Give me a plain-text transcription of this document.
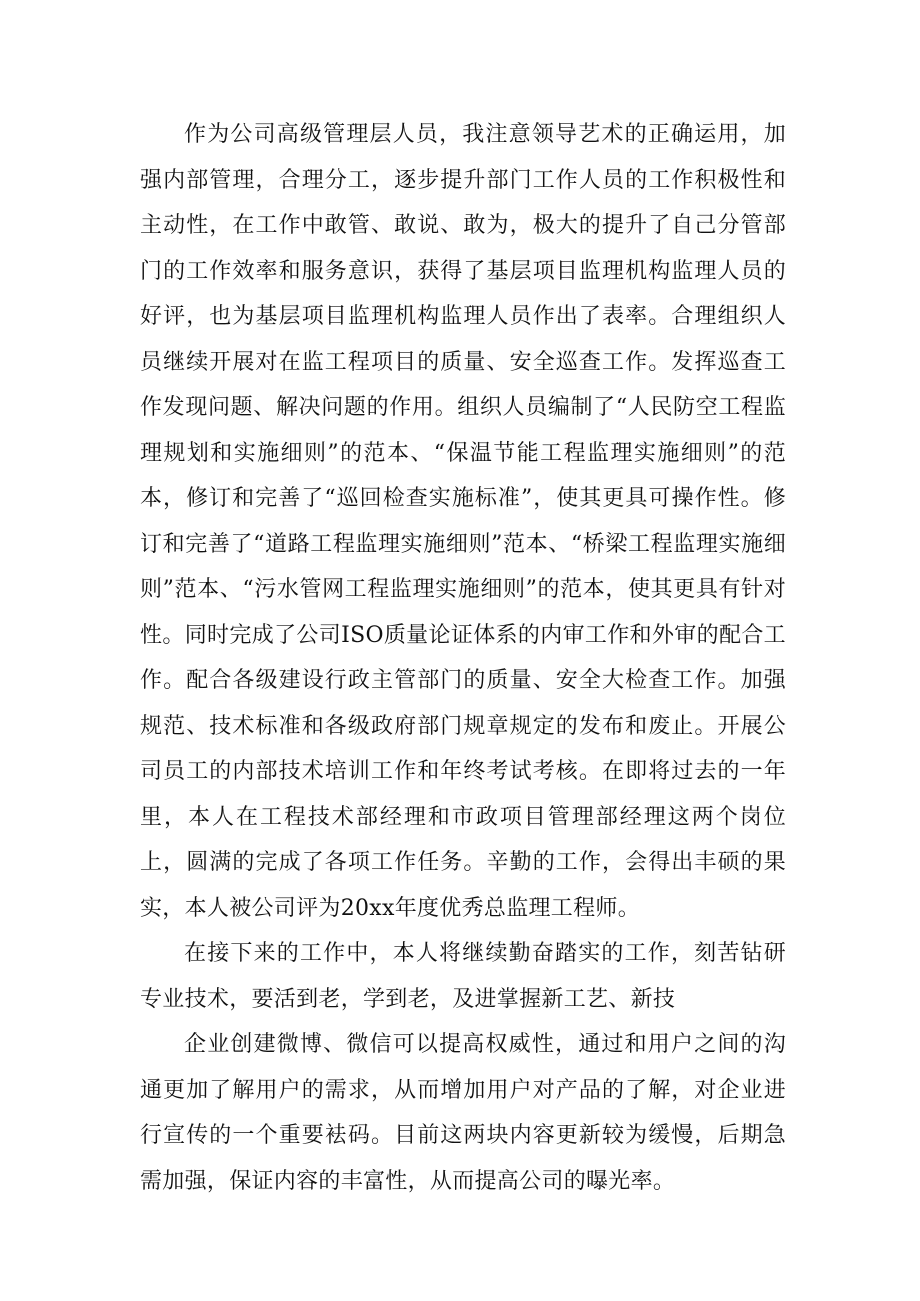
作为公司高级管理层人员，我注意领导艺术的正确运用，加强内部管理，合理分工，逐步提升部门工作人员的工作积极性和主动性，在工作中敢管、敢说、敢为，极大的提升了自己分管部门的工作效率和服务意识，获得了基层项目监理机构监理人员的好评，也为基层项目监理机构监理人员作出了表率。合理组织人员继续开展对在监工程项目的质量、安全巡查工作。发挥巡查工作发现问题、解决问题的作用。组织人员编制了“人民防空工程监理规划和实施细则”的范本、“保温节能工程监理实施细则”的范本，修订和完善了“巡回检查实施标准”，使其更具可操作性。修订和完善了“道路工程监理实施细则”范本、“桥梁工程监理实施细则”范本、“污水管网工程监理实施细则”的范本，使其更具有针对性。同时完成了公司ISO质量论证体系的内审工作和外审的配合工作。配合各级建设行政主管部门的质量、安全大检查工作。加强规范、技术标准和各级政府部门规章规定的发布和废止。开展公司员工的内部技术培训工作和年终考试考核。在即将过去的一年里，本人在工程技术部经理和市政项目管理部经理这两个岗位上，圆满的完成了各项工作任务。辛勤的工作，会得出丰硕的果实，本人被公司评为20xx年度优秀总监理工程师。

在接下来的工作中，本人将继续勤奋踏实的工作，刻苦钻研专业技术，要活到老，学到老，及进掌握新工艺、新技

企业创建微博、微信可以提高权威性，通过和用户之间的沟通更加了解用户的需求，从而增加用户对产品的了解，对企业进行宣传的一个重要袪码。目前这两块内容更新较为缓慢，后期急需加强，保证内容的丰富性，从而提高公司的曝光率。
